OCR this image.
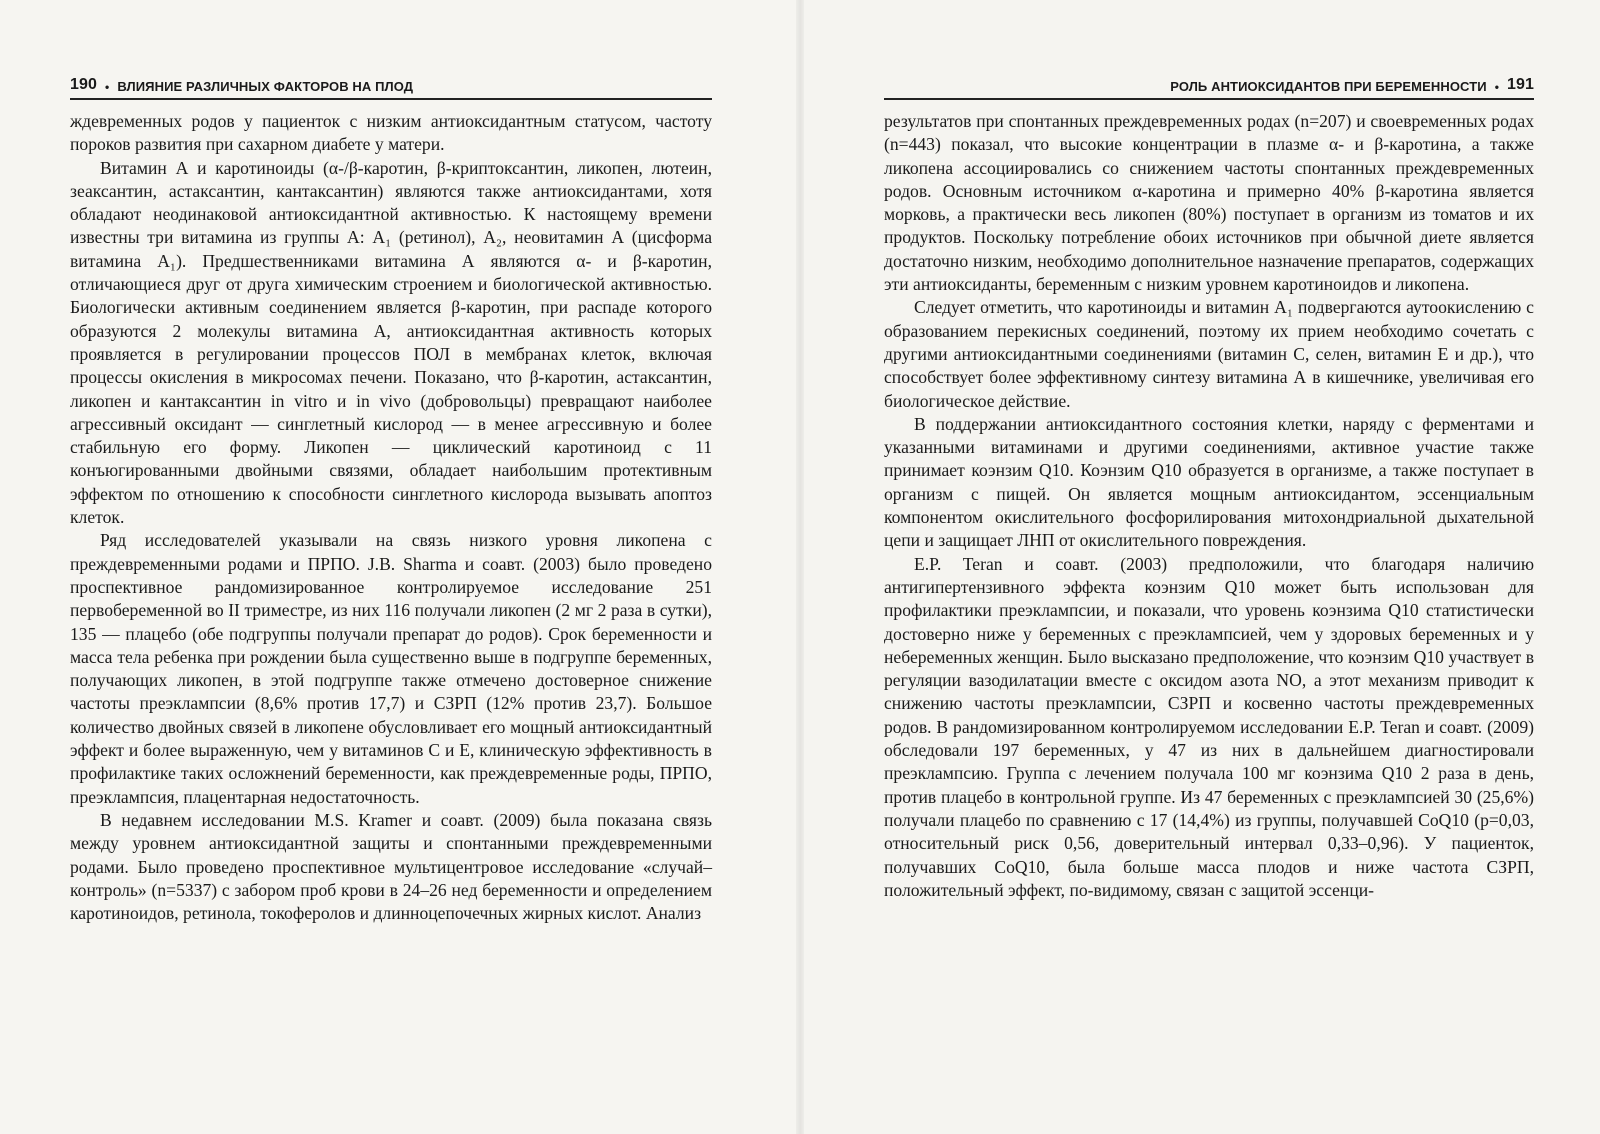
190 • ВЛИЯНИЕ РАЗЛИЧНЫХ ФАКТОРОВ НА ПЛОД

ждевременных родов у пациенток с низким антиоксидантным статусом, частоту пороков развития при сахарном диабете у матери.

Витамин А и каротиноиды (α-/β-каротин, β-криптоксантин, ликопен, лютеин, зеаксантин, астаксантин, кантаксантин) являются также антиоксидантами, хотя обладают неодинаковой антиоксидантной активностью. К настоящему времени известны три витамина из группы А: А₁ (ретинол), А₂, неовитамин А (цисформа витамина А₁). Предшественниками витамина А являются α- и β-каротин, отличающиеся друг от друга химическим строением и биологической активностью. Биологически активным соединением является β-каротин, при распаде которого образуются 2 молекулы витамина А, антиоксидантная активность которых проявляется в регулировании процессов ПОЛ в мембранах клеток, включая процессы окисления в микросомах печени. Показано, что β-каротин, астаксантин, ликопен и кантаксантин in vitro и in vivo (добровольцы) превращают наиболее агрессивный оксидант — синглетный кислород — в менее агрессивную и более стабильную его форму. Ликопен — циклический каротиноид с 11 конъюгированными двойными связями, обладает наибольшим протективным эффектом по отношению к способности синглетного кислорода вызывать апоптоз клеток.

Ряд исследователей указывали на связь низкого уровня ликопена с преждевременными родами и ПРПО. J.B. Sharma и соавт. (2003) было проведено проспективное рандомизированное контролируемое исследование 251 первобеременной во II триместре, из них 116 получали ликопен (2 мг 2 раза в сутки), 135 — плацебо (обе подгруппы получали препарат до родов). Срок беременности и масса тела ребенка при рождении была существенно выше в подгруппе беременных, получающих ликопен, в этой подгруппе также отмечено достоверное снижение частоты преэклампсии (8,6% против 17,7) и СЗРП (12% против 23,7). Большое количество двойных связей в ликопене обусловливает его мощный антиоксидантный эффект и более выраженную, чем у витаминов С и Е, клиническую эффективность в профилактике таких осложнений беременности, как преждевременные роды, ПРПО, преэклампсия, плацентарная недостаточность.

В недавнем исследовании M.S. Kramer и соавт. (2009) была показана связь между уровнем антиоксидантной защиты и спонтанными преждевременными родами. Было проведено проспективное мультицентровое исследование «случай–контроль» (n=5337) с забором проб крови в 24–26 нед беременности и определением каротиноидов, ретинола, токоферолов и длинноцепочечных жирных кислот. Анализ

РОЛЬ АНТИОКСИДАНТОВ ПРИ БЕРЕМЕННОСТИ • 191

результатов при спонтанных преждевременных родах (n=207) и своевременных родах (n=443) показал, что высокие концентрации в плазме α- и β-каротина, а также ликопена ассоциировались со снижением частоты спонтанных преждевременных родов. Основным источником α-каротина и примерно 40% β-каротина является морковь, а практически весь ликопен (80%) поступает в организм из томатов и их продуктов. Поскольку потребление обоих источников при обычной диете является достаточно низким, необходимо дополнительное назначение препаратов, содержащих эти антиоксиданты, беременным с низким уровнем каротиноидов и ликопена.

Следует отметить, что каротиноиды и витамин А₁ подвергаются аутоокислению с образованием перекисных соединений, поэтому их прием необходимо сочетать с другими антиоксидантными соединениями (витамин С, селен, витамин Е и др.), что способствует более эффективному синтезу витамина А в кишечнике, увеличивая его биологическое действие.

В поддержании антиоксидантного состояния клетки, наряду с ферментами и указанными витаминами и другими соединениями, активное участие также принимает коэнзим Q10. Коэнзим Q10 образуется в организме, а также поступает в организм с пищей. Он является мощным антиоксидантом, эссенциальным компонентом окислительного фосфорилирования митохондриальной дыхательной цепи и защищает ЛНП от окислительного повреждения.

E.P. Teran и соавт. (2003) предположили, что благодаря наличию антигипертензивного эффекта коэнзим Q10 может быть использован для профилактики преэклампсии, и показали, что уровень коэнзима Q10 статистически достоверно ниже у беременных с преэклампсией, чем у здоровых беременных и у небеременных женщин. Было высказано предположение, что коэнзим Q10 участвует в регуляции вазодилатации вместе с оксидом азота NO, а этот механизм приводит к снижению частоты преэклампсии, СЗРП и косвенно частоты преждевременных родов. В рандомизированном контролируемом исследовании E.P. Teran и соавт. (2009) обследовали 197 беременных, у 47 из них в дальнейшем диагностировали преэклампсию. Группа с лечением получала 100 мг коэнзима Q10 2 раза в день, против плацебо в контрольной группе. Из 47 беременных с преэклампсией 30 (25,6%) получали плацебо по сравнению с 17 (14,4%) из группы, получавшей CoQ10 (p=0,03, относительный риск 0,56, доверительный интервал 0,33–0,96). У пациенток, получавших CoQ10, была больше масса плодов и ниже частота СЗРП, положительный эффект, по-видимому, связан с защитой эссенци-
